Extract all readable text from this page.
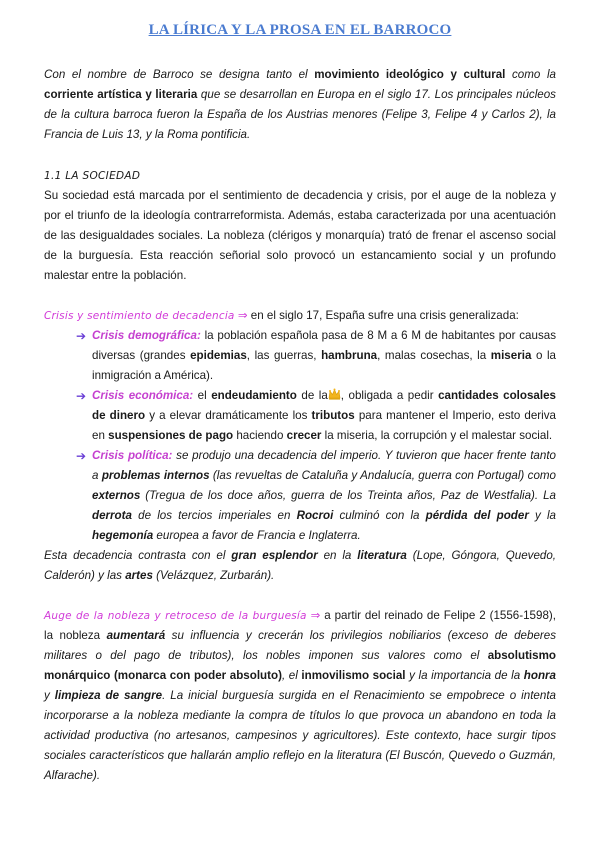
LA LÍRICA Y LA PROSA EN EL BARROCO

Con el nombre de Barroco se designa tanto el movimiento ideológico y cultural como la corriente artística y literaria que se desarrollan en Europa en el siglo 17. Los principales núcleos de la cultura barroca fueron la España de los Austrias menores (Felipe 3, Felipe 4 y Carlos 2), la Francia de Luis 13, y la Roma pontificia.

1.1 LA SOCIEDAD

Su sociedad está marcada por el sentimiento de decadencia y crisis, por el auge de la nobleza y por el triunfo de la ideología contrarreformista. Además, estaba caracterizada por una acentuación de las desigualdades sociales. La nobleza (clérigos y monarquía) trató de frenar el ascenso social de la burguesía. Esta reacción señorial solo provocó un estancamiento social y un profundo malestar entre la población.

Crisis y sentimiento de decadencia ⇒ en el siglo 17, España sufre una crisis generalizada:

➔ Crisis demográfica: la población española pasa de 8 M a 6 M de habitantes por causas diversas (grandes epidemias, las guerras, hambruna, malas cosechas, la miseria o la inmigración a América).

➔ Crisis económica: el endeudamiento de la , obligada a pedir cantidades colosales de dinero y a elevar dramáticamente los tributos para mantener el Imperio, esto deriva en suspensiones de pago haciendo crecer la miseria, la corrupción y el malestar social.

➔ Crisis política: se produjo una decadencia del imperio. Y tuvieron que hacer frente tanto a problemas internos (las revueltas de Cataluña y Andalucía, guerra con Portugal) como externos (Tregua de los doce años, guerra de los Treinta años, Paz de Westfalia). La derrota de los tercios imperiales en Rocroi culminó con la pérdida del poder y la hegemonía europea a favor de Francia e Inglaterra.

Esta decadencia contrasta con el gran esplendor en la literatura (Lope, Góngora, Quevedo, Calderón) y las artes (Velázquez, Zurbarán).

Auge de la nobleza y retroceso de la burguesía ⇒ a partir del reinado de Felipe 2 (1556-1598), la nobleza aumentará su influencia y crecerán los privilegios nobiliarios (exceso de deberes militares o del pago de tributos), los nobles imponen sus valores como el absolutismo monárquico (monarca con poder absoluto), el inmovilismo social y la importancia de la honra y limpieza de sangre. La inicial burguesía surgida en el Renacimiento se empobrece o intenta incorporarse a la nobleza mediante la compra de títulos lo que provoca un abandono en toda la actividad productiva (no artesanos, campesinos y agricultores). Este contexto, hace surgir tipos sociales característicos que hallarán amplio reflejo en la literatura (El Buscón, Quevedo o Guzmán, Alfarache).
